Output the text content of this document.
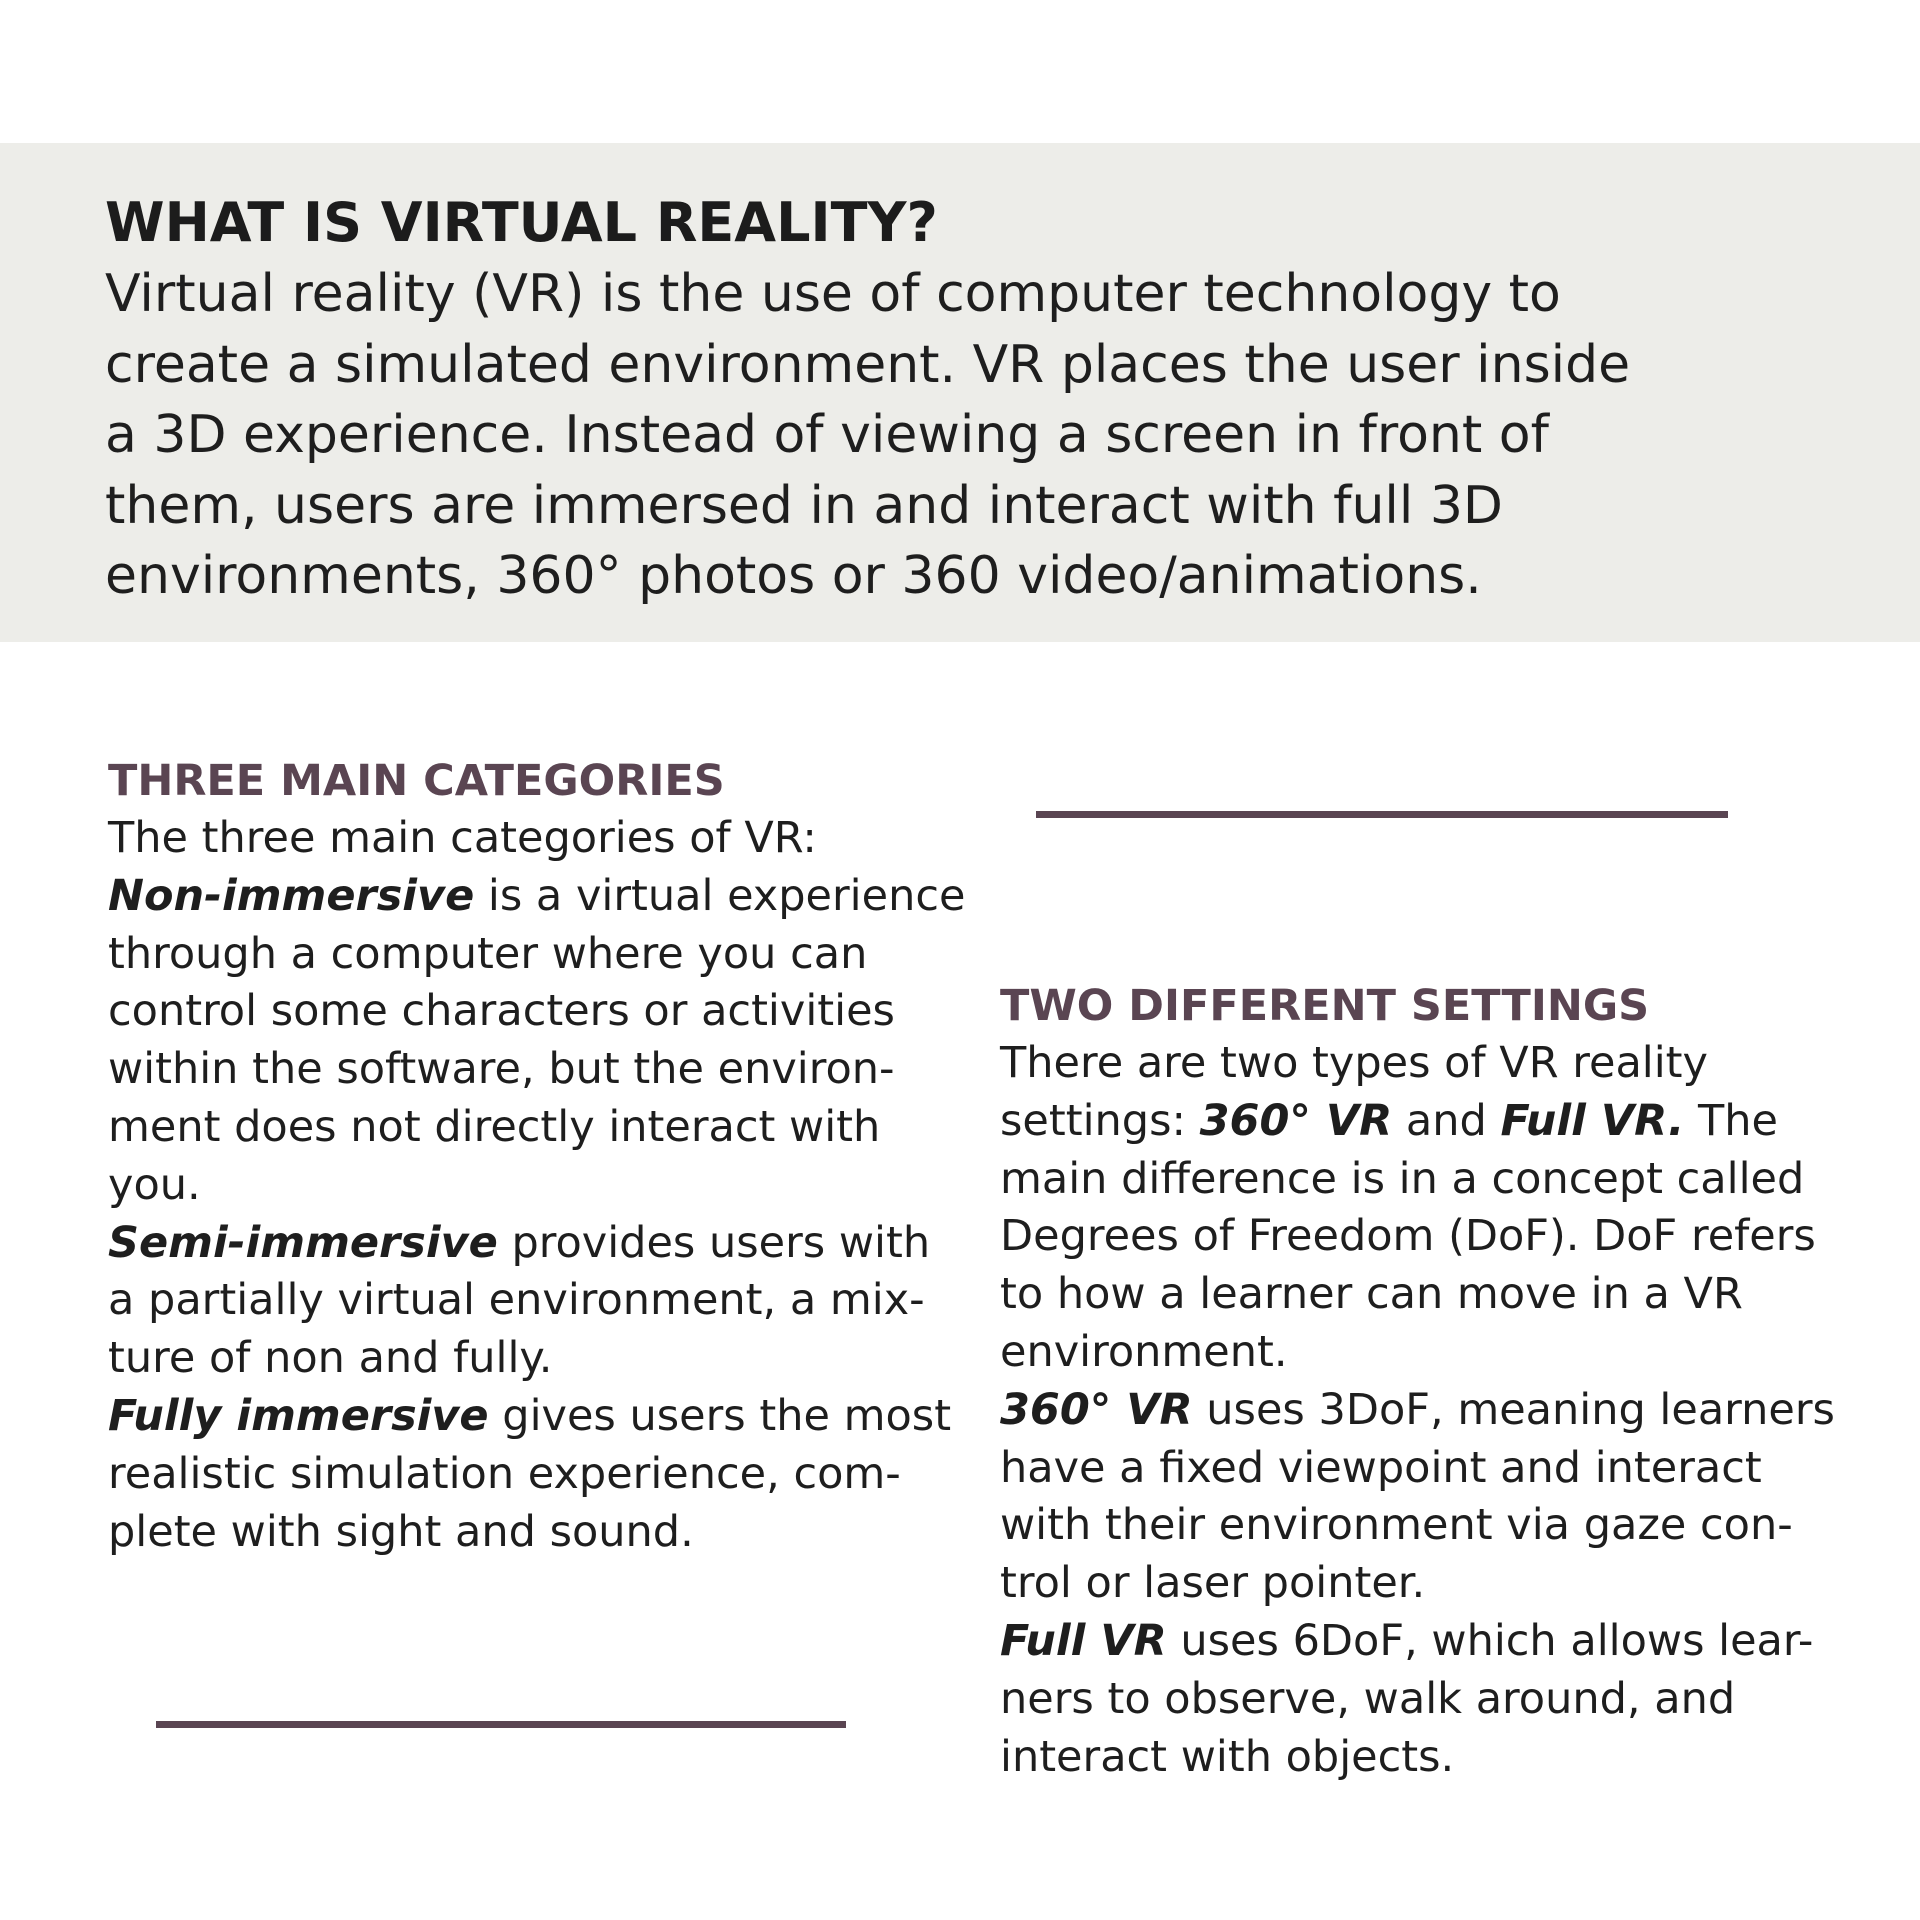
WHAT IS VIRTUAL REALITY?

Virtual reality (VR) is the use of computer technology to
create a simulated environment. VR places the user inside
a 3D experience. Instead of viewing a screen in front of
them, users are immersed in and interact with full 3D
environments, 360° photos or 360 video/animations.

THREE MAIN CATEGORIES
The three main categories of VR:
Non-immersive is a virtual experience
through a computer where you can
control some characters or activities
within the software, but the environ-
ment does not directly interact with
you.
Semi-immersive provides users with
a partially virtual environment, a mix-
ture of non and fully.
Fully immersive gives users the most
realistic simulation experience, com-
plete with sight and sound.
TWO DIFFERENT SETTINGS
There are two types of VR reality
settings: 360° VR and Full VR. The
main difference is in a concept called
Degrees of Freedom (DoF). DoF refers
to how a learner can move in a VR
environment.
360° VR uses 3DoF, meaning learners
have a fixed viewpoint and interact
with their environment via gaze con-
trol or laser pointer.
Full VR uses 6DoF, which allows lear-
ners to observe, walk around, and
interact with objects.
